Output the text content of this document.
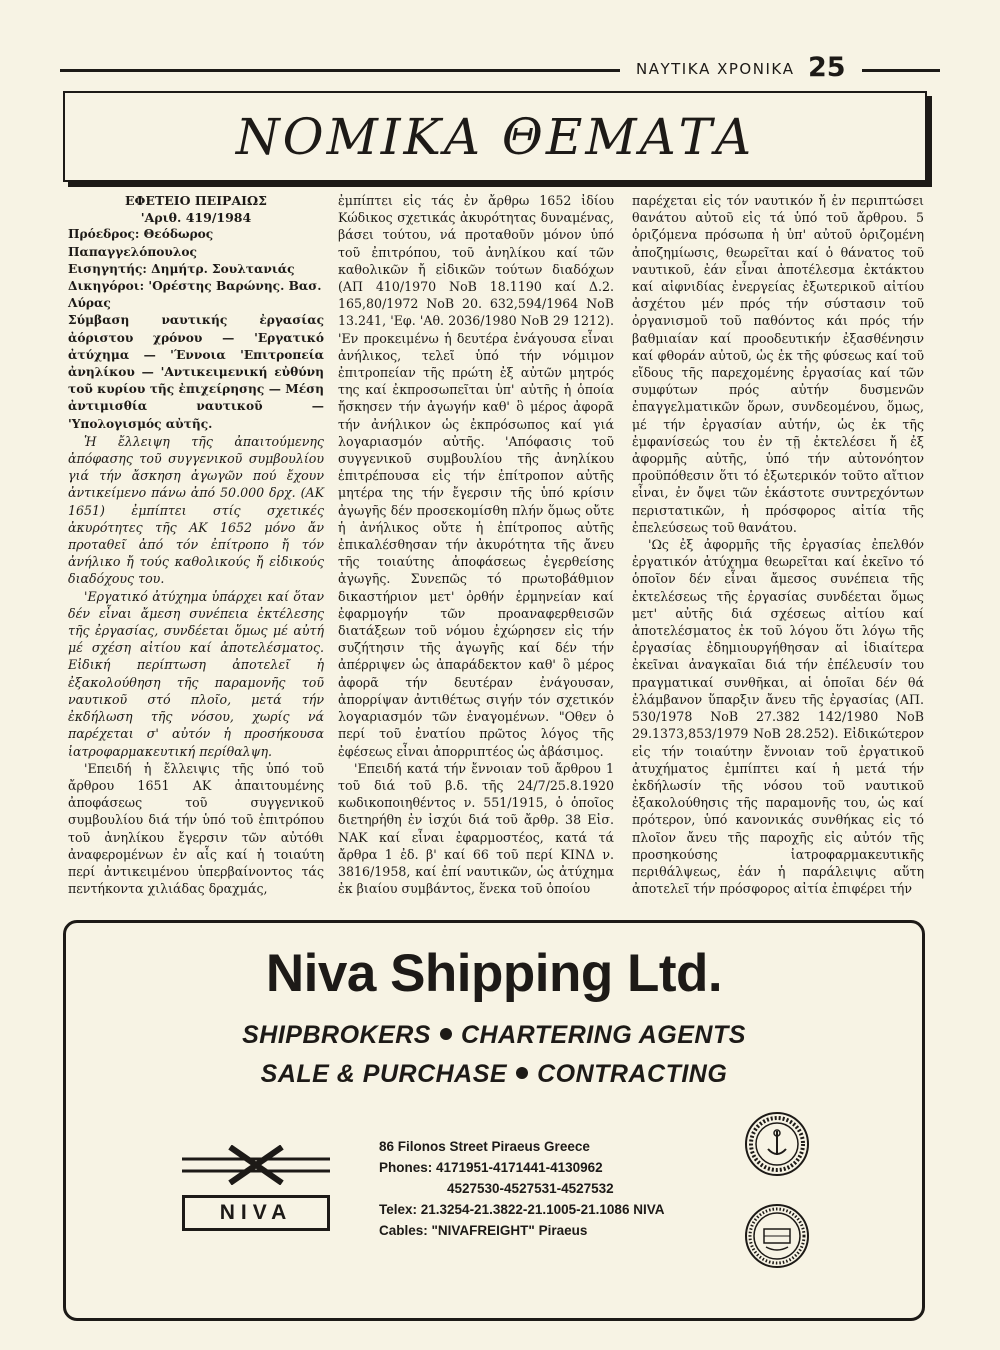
ΝΑΥΤΙΚΑ ΧΡΟΝΙΚΑ 25
ΝΟΜΙΚΑ ΘΕΜΑΤΑ

ΕΦΕΤΕΙΟ ΠΕΙΡΑΙΩΣ

'Αριθ. 419/1984

Πρόεδρος: Θεόδωρος Παπαγγελόπουλος

Εισηγητής: Δημήτρ. Σουλτανιάς

Δικηγόροι: 'Ορέστης Βαρώνης. Βασ. Λύρας

Σύμβαση ναυτικής ἐργασίας ἀόριστου χρόνου — 'Εργατικό ἀτύχημα — 'Έννοια 'Επιτροπεία ἀνηλίκου — 'Αντικειμενική εὐθύνη τοῦ κυρίου τῆς ἐπιχείρησης — Μέση ἀντιμισθία ναυτικοῦ — 'Υπολογισμός αὐτῆς.

Ἡ ἔλλειψη τῆς ἀπαιτούμενης ἀπόφασης τοῦ συγγενικοῦ συμβουλίου γιά τήν ἄσκηση ἀγωγῶν πού ἔχουν ἀντικείμενο πάνω ἀπό 50.000 δρχ. (ΑΚ 1651) ἐμπίπτει στίς σχετικές ἀκυρότητες τῆς ΑΚ 1652 μόνο ἄν προταθεῖ ἀπό τόν ἐπίτροπο ἤ τόν ἀνήλικο ἤ τούς καθολικούς ἤ εἰδικούς διαδόχους του.

'Εργατικό ἀτύχημα ὑπάρχει καί ὅταν δέν εἶναι ἄμεση συνέπεια ἐκτέλεσης τῆς ἐργασίας, συνδέεται ὅμως μέ αὐτή μέ σχέση αἰτίου καί ἀποτελέσματος. Εἰδική περίπτωση ἀποτελεῖ ἡ ἐξακολούθηση τῆς παραμονῆς τοῦ ναυτικοῦ στό πλοῖο, μετά τήν ἐκδήλωση τῆς νόσου, χωρίς νά παρέχεται σ' αὐτόν ἡ προσήκουσα ἰατροφαρμακευτική περίθαλψη.

'Επειδή ἡ ἔλλειψις τῆς ὑπό τοῦ ἄρθρου 1651 ΑΚ ἀπαιτουμένης ἀποφάσεως τοῦ συγγενικοῦ συμβουλίου διά τήν ὑπό τοῦ ἐπιτρόπου τοῦ ἀνηλίκου ἔγερσιν τῶν αὐτόθι ἀναφερομένων ἐν αἷς καί ἡ τοιαύτη περί ἀντικειμένου ὑπερβαίνοντος τάς πεντήκοντα χιλιάδας δραχμάς,

ἐμπίπτει εἰς τάς ἐν ἄρθρω 1652 ἰδίου Κώδικος σχετικάς ἀκυρότητας δυναμένας, βάσει τούτου, νά προταθοῦν μόνον ὑπό τοῦ ἐπιτρόπου, τοῦ ἀνηλίκου καί τῶν καθολικῶν ἤ εἰδικῶν τούτων διαδόχων (ΑΠ 410/1970 ΝοΒ 18.1190 καί Δ.2. 165,80/1972 ΝοΒ 20. 632,594/1964 ΝοΒ 13.241, 'Εφ. 'Αθ. 2036/1980 ΝοΒ 29 1212). 'Εν προκειμένω ἡ δευτέρα ἐνάγουσα εἶναι ἀνήλικος, τελεῖ ὑπό τήν νόμιμον ἐπιτροπείαν τῆς πρώτη ἐξ αὐτῶν μητρός της καί ἐκπροσωπεῖται ὑπ' αὐτῆς ἡ ὁποία ἤσκησεν τήν ἀγωγήν καθ' ὃ μέρος ἀφορᾶ τήν ἀνήλικον ὡς ἐκπρόσωπος καί γιά λογαριασμόν αὐτῆς. 'Απόφασις τοῦ συγγενικοῦ συμβουλίου τῆς ἀνηλίκου ἐπιτρέπουσα εἰς τήν ἐπίτροπον αὐτῆς μητέρα της τήν ἔγερσιν τῆς ὑπό κρίσιν ἀγωγῆς δέν προσεκομίσθη πλήν ὅμως οὔτε ἡ ἀνήλικος οὔτε ἡ ἐπίτροπος αὐτῆς ἐπικαλέσθησαν τήν ἀκυρότητα τῆς ἄνευ τῆς τοιαύτης ἀποφάσεως ἐγερθείσης ἀγωγῆς. Συνεπῶς τό πρωτοβάθμιον δικαστήριον μετ' ὀρθήν ἑρμηνείαν καί ἐφαρμογήν τῶν προαναφερθεισῶν διατάξεων τοῦ νόμου ἐχώρησεν εἰς τήν συζήτησιν τῆς ἀγωγῆς καί δέν τήν ἀπέρριψεν ὡς ἀπαράδεκτον καθ' ὃ μέρος ἀφορᾶ τήν δευτέραν ἐνάγουσαν, ἀπορρίψαν ἀντιθέτως σιγήν τόν σχετικόν λογαριασμόν τῶν ἐναγομένων. "Οθεν ὁ περί τοῦ ἐνατίου πρῶτος λόγος τῆς ἐφέσεως εἶναι ἀπορριπτέος ὡς ἀβάσιμος.

'Επειδή κατά τήν ἔννοιαν τοῦ ἄρθρου 1 τοῦ διά τοῦ β.δ. τῆς 24/7/25.8.1920 κωδικοποιηθέντος ν. 551/1915, ὁ ὁποῖος διετηρήθη ἐν ἰσχύι διά τοῦ ἄρθρ. 38 Εἰσ. ΝΑΚ καί εἶναι ἐφαρμοστέος, κατά τά ἄρθρα 1 ἐδ. β' καί 66 τοῦ περί ΚΙΝΔ ν. 3816/1958, καί ἐπί ναυτικῶν, ὡς ἀτύχημα ἐκ βιαίου συμβάντος, ἕνεκα τοῦ ὁποίου

παρέχεται εἰς τόν ναυτικόν ἤ ἐν περιπτώσει θανάτου αὐτοῦ εἰς τά ὑπό τοῦ ἄρθρου. 5 ὁριζόμενα πρόσωπα ἡ ὑπ' αὐτοῦ ὁριζομένη ἀποζημίωσις, θεωρεῖται καί ὁ θάνατος τοῦ ναυτικοῦ, ἐάν εἶναι ἀποτέλεσμα ἐκτάκτου καί αἰφνιδίας ἐνεργείας ἐξωτερικοῦ αἰτίου ἀσχέτου μέν πρός τήν σύστασιν τοῦ ὀργανισμοῦ τοῦ παθόντος κάι πρός τήν βαθμιαίαν καί προοδευτικήν ἐξασθένησιν καί φθοράν αὐτοῦ, ὡς ἐκ τῆς φύσεως καί τοῦ εἴδους τῆς παρεχομένης ἐργασίας καί τῶν συμφύτων πρός αὐτήν δυσμενῶν ἐπαγγελματικῶν ὅρων, συνδεομένου, ὅμως, μέ τήν ἐργασίαν αὐτήν, ὡς ἐκ τῆς ἐμφανίσεώς του ἐν τῇ ἐκτελέσει ἤ ἐξ ἀφορμῆς αὐτῆς, ὑπό τήν αὐτονόητον προϋπόθεσιν ὅτι τό ἐξωτερικόν τοῦτο αἴτιον εἶναι, ἐν ὄψει τῶν ἑκάστοτε συντρεχόντων περιστατικῶν, ἡ πρόσφορος αἰτία τῆς ἐπελεύσεως τοῦ θανάτου.

'Ως ἐξ ἀφορμῆς τῆς ἐργασίας ἐπελθόν ἐργατικόν ἀτύχημα θεωρεῖται καί ἐκεῖνο τό ὁποῖον δέν εἶναι ἄμεσος συνέπεια τῆς ἐκτελέσεως τῆς ἐργασίας συνδέεται ὅμως μετ' αὐτῆς διά σχέσεως αἰτίου καί ἀποτελέσματος ἐκ τοῦ λόγου ὅτι λόγω τῆς ἐργασίας ἐδημιουργήθησαν αἱ ἰδιαίτερα ἐκεῖναι ἀναγκαῖαι διά τήν ἐπέλευσίν του πραγματικαί συνθῆκαι, αἱ ὁποῖαι δέν θά ἐλάμβανον ὕπαρξιν ἄνευ τῆς ἐργασίας (ΑΠ. 530/1978 ΝοΒ 27.382 142/1980 ΝοΒ 29.1373,853/1979 ΝοΒ 28.252). Εἰδικώτερον εἰς τήν τοιαύτην ἔννοιαν τοῦ ἐργατικοῦ ἀτυχήματος ἐμπίπτει καί ἡ μετά τήν ἐκδήλωσίν τῆς νόσου τοῦ ναυτικοῦ ἐξακολούθησις τῆς παραμονῆς του, ὡς καί πρότερον, ὑπό κανονικάς συνθήκας εἰς τό πλοῖον ἄνευ τῆς παροχῆς εἰς αὐτόν τῆς προσηκούσης ἰατροφαρμακευτικῆς περιθάλψεως, ἐάν ἡ παράλειψις αὕτη ἀποτελεῖ τήν πρόσφορος αἰτία ἐπιφέρει τήν

Niva Shipping Ltd.
SHIPBROKERS CHARTERING AGENTS
SALE & PURCHASE CONTRACTING
NIVA
86 Filonos Street Piraeus Greece
Phones: 4171951-4171441-4130962
4527530-4527531-4527532
Telex: 21.3254-21.3822-21.1005-21.1086 NIVA
Cables: "NIVAFREIGHT" Piraeus
